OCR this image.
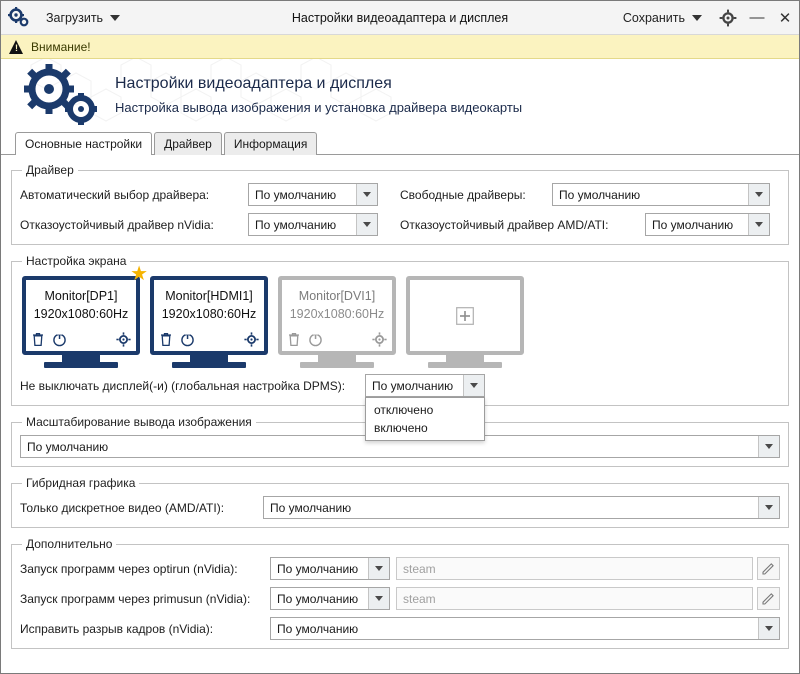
Загрузить	Настройки видеоадаптера и дисплея	Сохранить	— ✕
!
Внимание!
Настройки видеоадаптера и дисплея
Настройка вывода изображения и установка драйвера видеокарты
Основные настройки	Драйвер	Информация
Драйвер
Автоматический выбор драйвера:	По умолчанию	Свободные драйверы:	По умолчанию
Отказоустойчивый драйвер nVidia:	По умолчанию	Отказоустойчивый драйвер AMD/ATI:	По умолчанию
Настройка экрана
★
Monitor[DP1]
1920x1080:60Hz
Monitor[HDMI1]
1920x1080:60Hz
Monitor[DVI1]
1920x1080:60Hz
Не выключать дисплей(-и) (глобальная настройка DPMS):	По умолчанию
отключено
включено
Масштабирование вывода изображения
По умолчанию
Гибридная графика
Только дискретное видео (AMD/ATI):	По умолчанию
Дополнительно
Запуск программ через optirun (nVidia):	По умолчанию	steam
Запуск программ через primusun (nVidia):	По умолчанию	steam
Исправить разрыв кадров (nVidia):	По умолчанию
